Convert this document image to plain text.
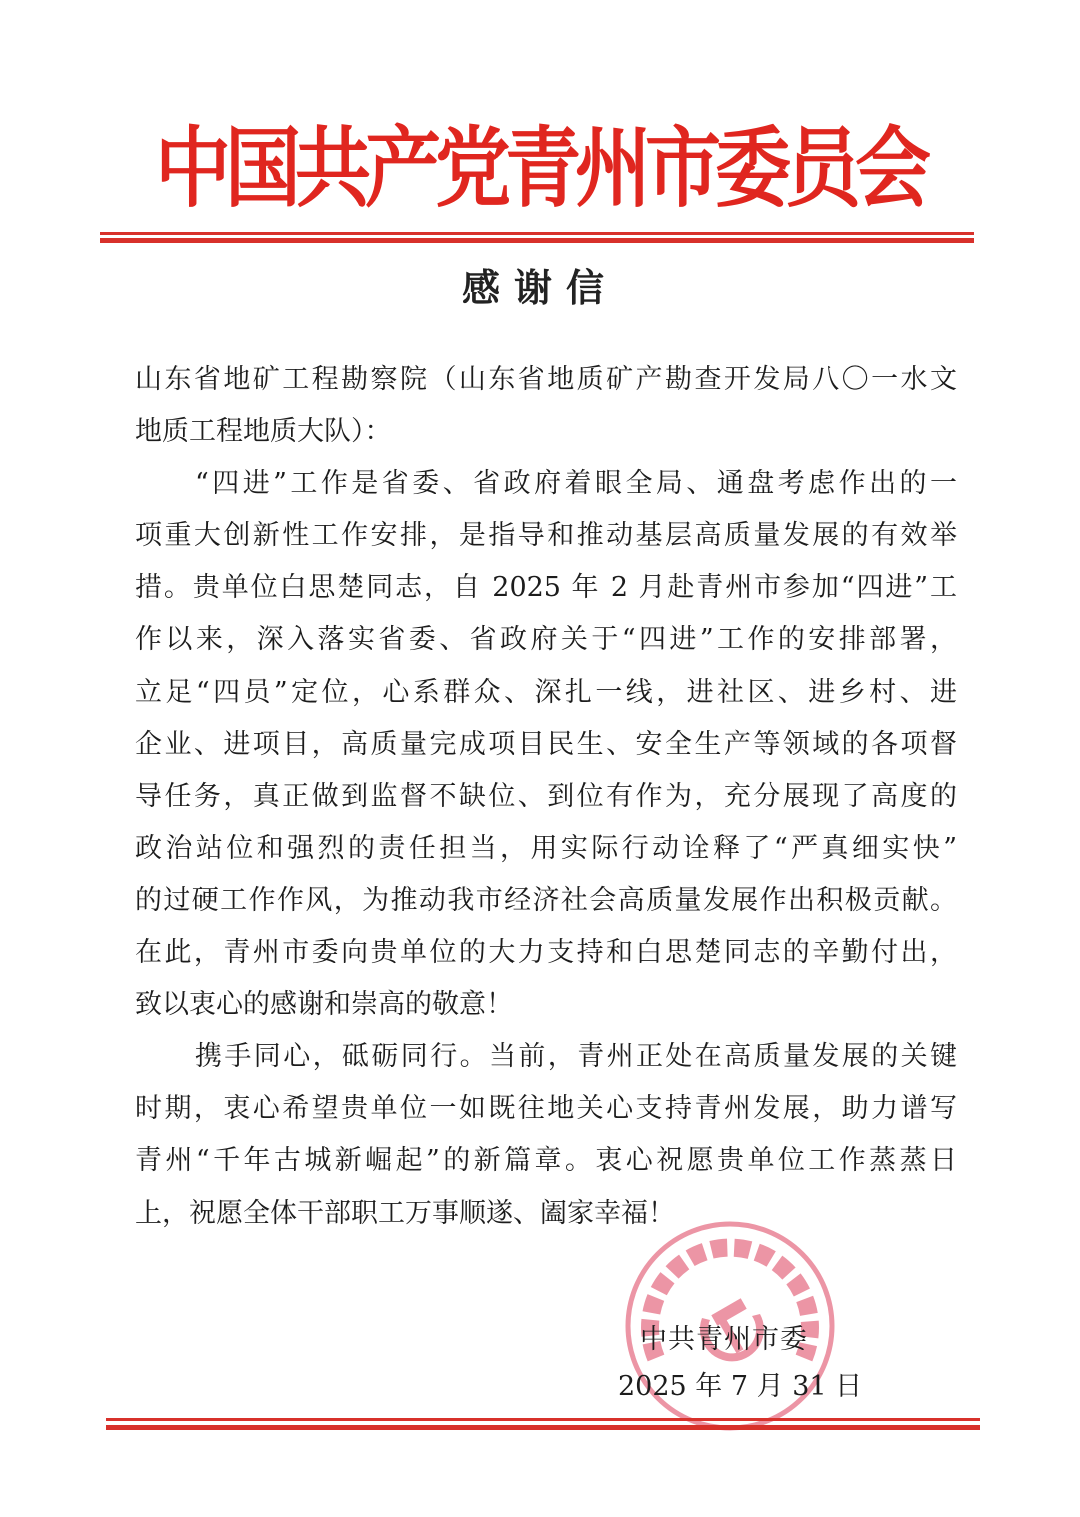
中国共产党青州市委员会
感谢信
山东省地矿工程勘察院（山东省地质矿产勘查开发局八〇一水文
地质工程地质大队）：
“四进”工作是省委、省政府着眼全局、通盘考虑作出的一
项重大创新性工作安排，是指导和推动基层高质量发展的有效举
措。贵单位白思楚同志，自 2025 年 2 月赴青州市参加“四进”工
作以来，深入落实省委、省政府关于“四进”工作的安排部署，
立足“四员”定位，心系群众、深扎一线，进社区、进乡村、进
企业、进项目，高质量完成项目民生、安全生产等领域的各项督
导任务，真正做到监督不缺位、到位有作为，充分展现了高度的
政治站位和强烈的责任担当，用实际行动诠释了“严真细实快”
的过硬工作作风，为推动我市经济社会高质量发展作出积极贡献。
在此，青州市委向贵单位的大力支持和白思楚同志的辛勤付出，
致以衷心的感谢和崇高的敬意！
携手同心，砥砺同行。当前，青州正处在高质量发展的关键
时期，衷心希望贵单位一如既往地关心支持青州发展，助力谱写
青州“千年古城新崛起”的新篇章。衷心祝愿贵单位工作蒸蒸日
上，祝愿全体干部职工万事顺遂、阖家幸福！
中共青州市委
2025 年 7 月 31 日
